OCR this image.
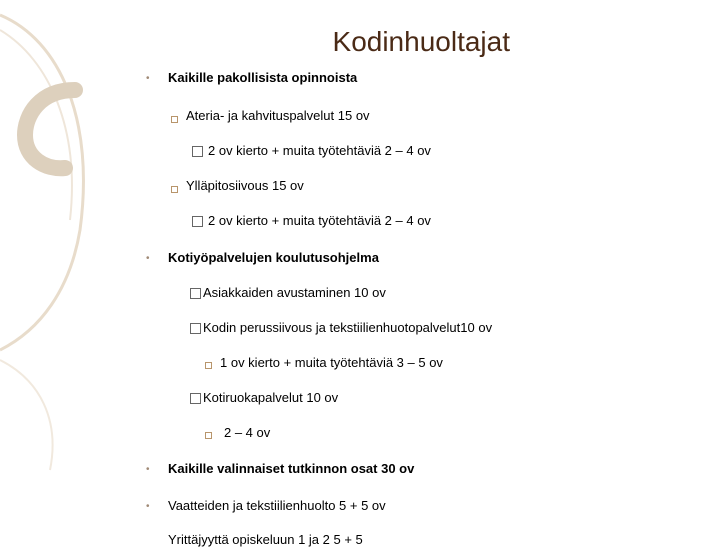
Kodinhuoltajat
• Kaikille pakollisista opinnoista
Ateria- ja kahvituspalvelut 15 ov
2 ov kierto + muita työtehtäviä 2 – 4 ov
Ylläpitosiivous 15 ov
2 ov kierto + muita työtehtäviä 2 – 4 ov
• Kotiyöpalvelujen koulutusohjelma
Asiakkaiden avustaminen 10 ov
Kodin perussiivous ja tekstiilienhuotopalvelut10 ov
1 ov kierto + muita työtehtäviä 3 – 5 ov
Kotiruokapalvelut 10 ov
2 – 4 ov
• Kaikille valinnaiset tutkinnon osat 30 ov
• Vaatteiden ja tekstiilienhuolto 5 + 5 ov
Yrittäjyyttä opiskeluun 1 ja 2 5 + 5
